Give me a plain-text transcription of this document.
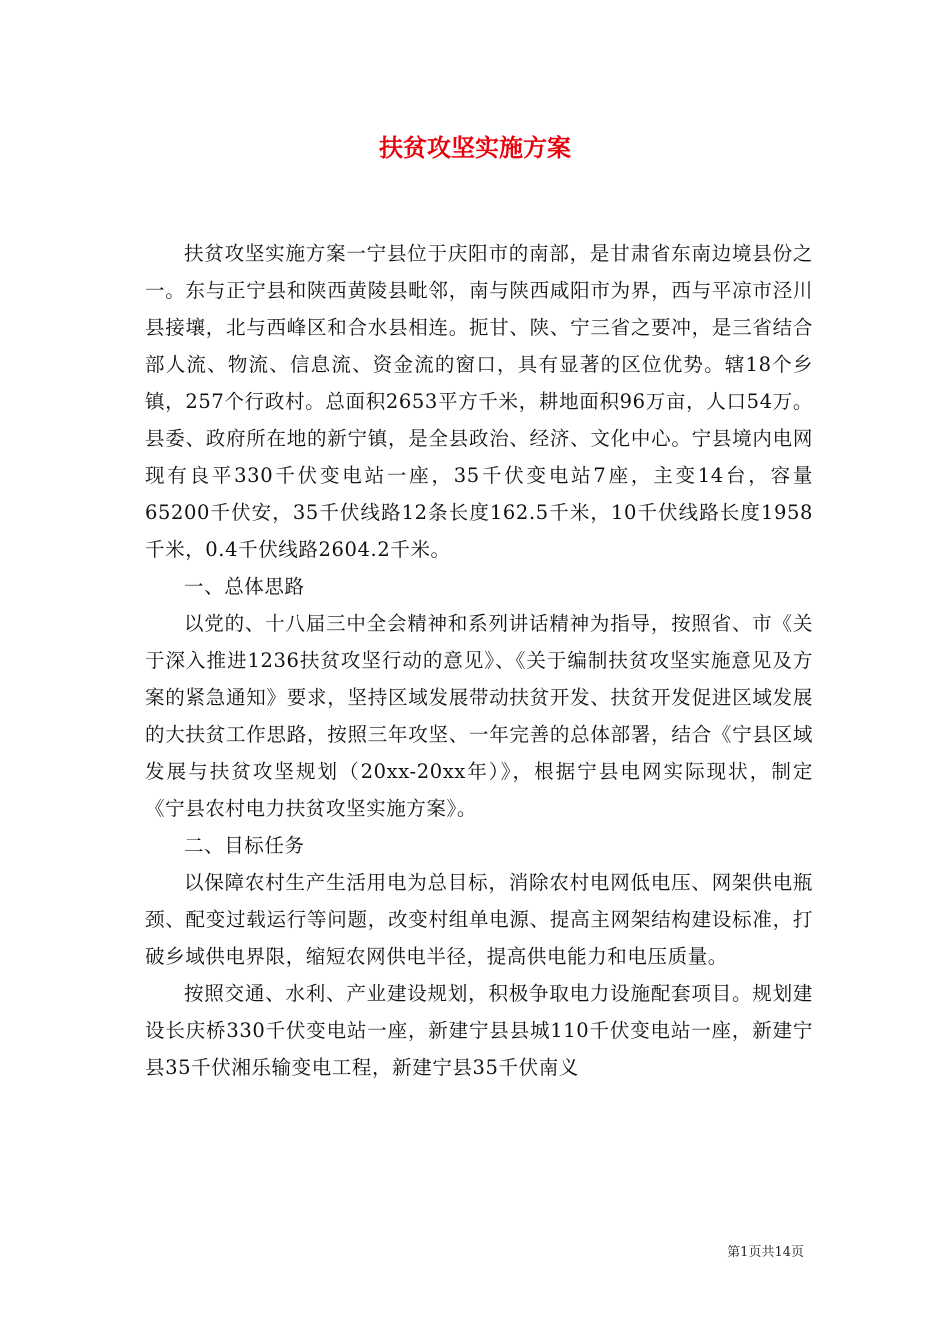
扶贫攻坚实施方案

扶贫攻坚实施方案一宁县位于庆阳市的南部，是甘肃省东南边境县份之一。东与正宁县和陕西黄陵县毗邻，南与陕西咸阳市为界，西与平凉市泾川县接壤，北与西峰区和合水县相连。扼甘、陕、宁三省之要冲，是三省结合部人流、物流、信息流、资金流的窗口，具有显著的区位优势。辖18个乡镇，257个行政村。总面积2653平方千米，耕地面积96万亩，人口54万。县委、政府所在地的新宁镇，是全县政治、经济、文化中心。宁县境内电网现有良平330千伏变电站一座，35千伏变电站7座，主变14台，容量65200千伏安，35千伏线路12条长度162.5千米，10千伏线路长度1958千米，0.4千伏线路2604.2千米。

一、总体思路

以党的、十八届三中全会精神和系列讲话精神为指导，按照省、市《关于深入推进1236扶贫攻坚行动的意见》、《关于编制扶贫攻坚实施意见及方案的紧急通知》要求，坚持区域发展带动扶贫开发、扶贫开发促进区域发展的大扶贫工作思路，按照三年攻坚、一年完善的总体部署，结合《宁县区域发展与扶贫攻坚规划（20xx-20xx年）》，根据宁县电网实际现状，制定《宁县农村电力扶贫攻坚实施方案》。

二、目标任务

以保障农村生产生活用电为总目标，消除农村电网低电压、网架供电瓶颈、配变过载运行等问题，改变村组单电源、提高主网架结构建设标准，打破乡域供电界限，缩短农网供电半径，提高供电能力和电压质量。

按照交通、水利、产业建设规划，积极争取电力设施配套项目。规划建设长庆桥330千伏变电站一座，新建宁县县城110千伏变电站一座，新建宁县35千伏湘乐输变电工程，新建宁县35千伏南义

第1页共14页
